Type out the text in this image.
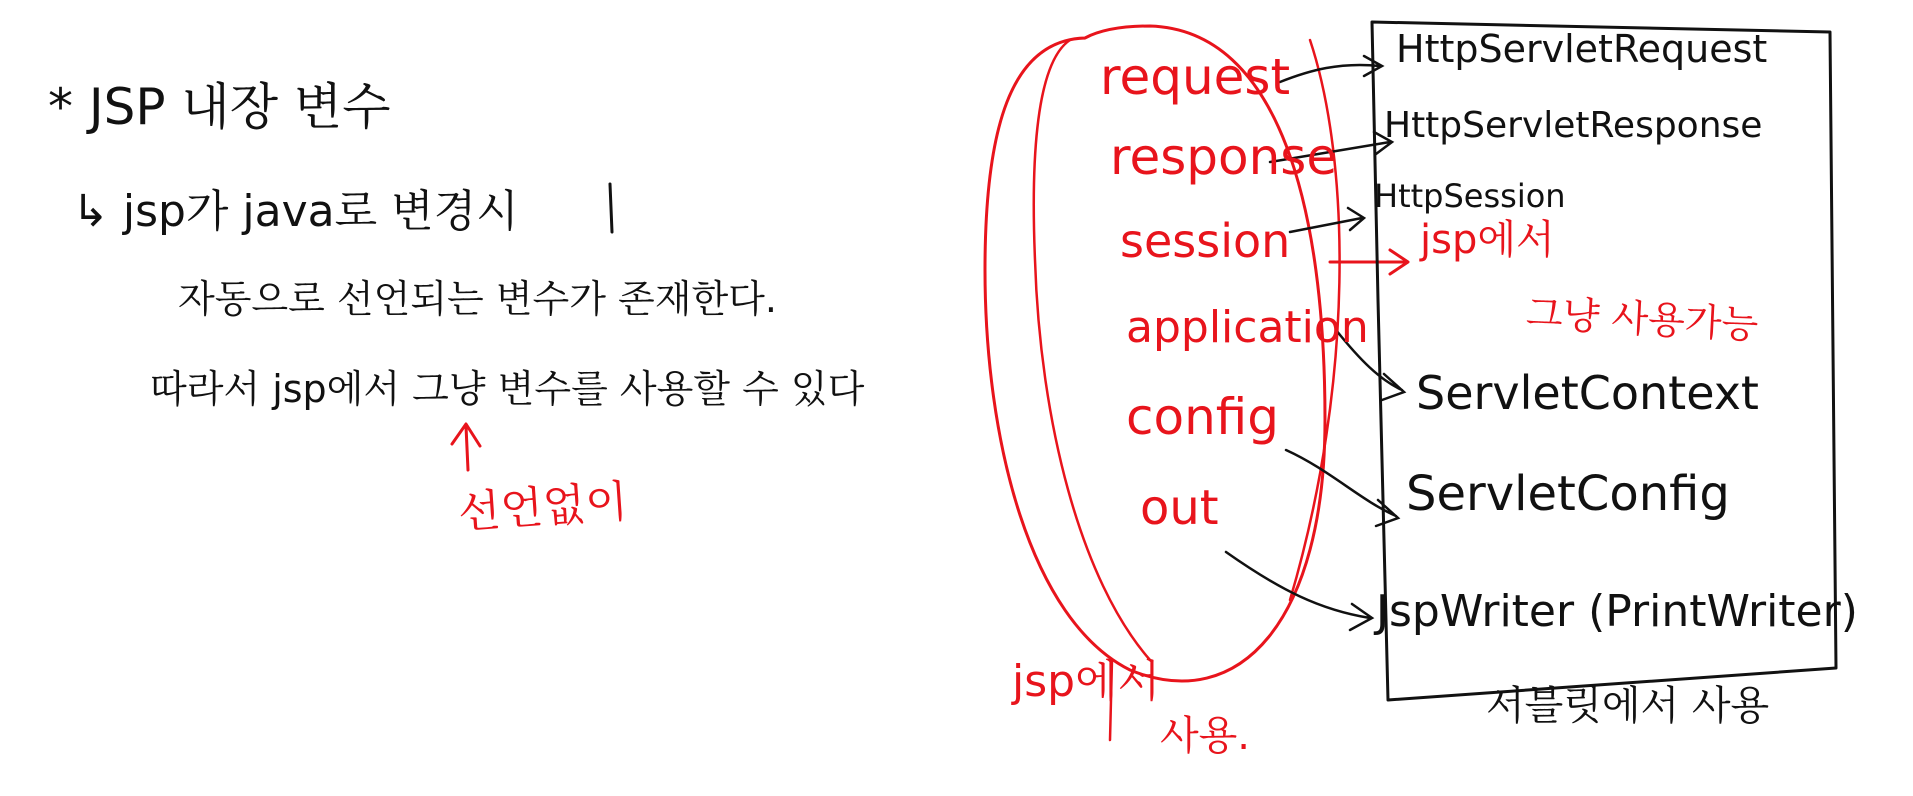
* JSP 내장 변수
↳ jsp가 java로 변경시
자동으로 선언되는 변수가 존재한다.
따라서 jsp에서 그냥 변수를 사용할 수 있다
선언없이
request
response
session
application
config
out
HttpServletRequest
HttpServletResponse
HttpSession
ServletContext
ServletConfig
JspWriter (PrintWriter)
jsp에서
그냥 사용가능
jsp에서
사용.
서블릿에서 사용
